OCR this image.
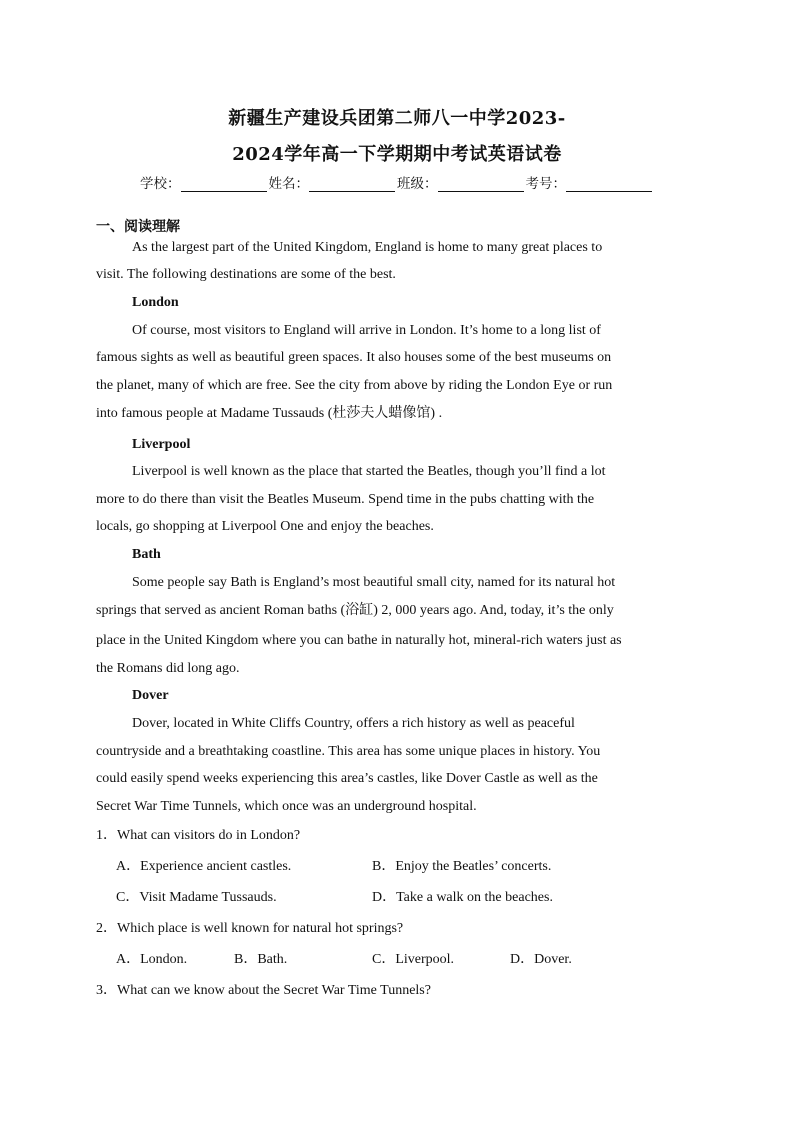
新疆生产建设兵团第二师八一中学2023-
2024学年高一下学期期中考试英语试卷
学校：	姓名：	班级：	考号：
一、阅读理解
As the largest part of the United Kingdom, England is home to many great places to
visit. The following destinations are some of the best.
London
Of course, most visitors to England will arrive in London. It’s home to a long list of
famous sights as well as beautiful green spaces. It also houses some of the best museums on
the planet, many of which are free. See the city from above by riding the London Eye or run
into famous people at Madame Tussauds (杜莎夫人蜡像馆) .
Liverpool
Liverpool is well known as the place that started the Beatles, though you’ll find a lot
more to do there than visit the Beatles Museum. Spend time in the pubs chatting with the
locals, go shopping at Liverpool One and enjoy the beaches.
Bath
Some people say Bath is England’s most beautiful small city, named for its natural hot
springs that served as ancient Roman baths (浴缸) 2, 000 years ago. And, today, it’s the only
place in the United Kingdom where you can bathe in naturally hot, mineral-rich waters just as
the Romans did long ago.
Dover
Dover, located in White Cliffs Country, offers a rich history as well as peaceful
countryside and a breathtaking coastline. This area has some unique places in history. You
could easily spend weeks experiencing this area’s castles, like Dover Castle as well as the
Secret War Time Tunnels, which once was an underground hospital.
1．What can visitors do in London?
A．Experience ancient castles.	B．Enjoy the Beatles’ concerts.
C．Visit Madame Tussauds.	D．Take a walk on the beaches.
2．Which place is well known for natural hot springs?
A．London.	B．Bath.	C．Liverpool.	D．Dover.
3．What can we know about the Secret War Time Tunnels?
